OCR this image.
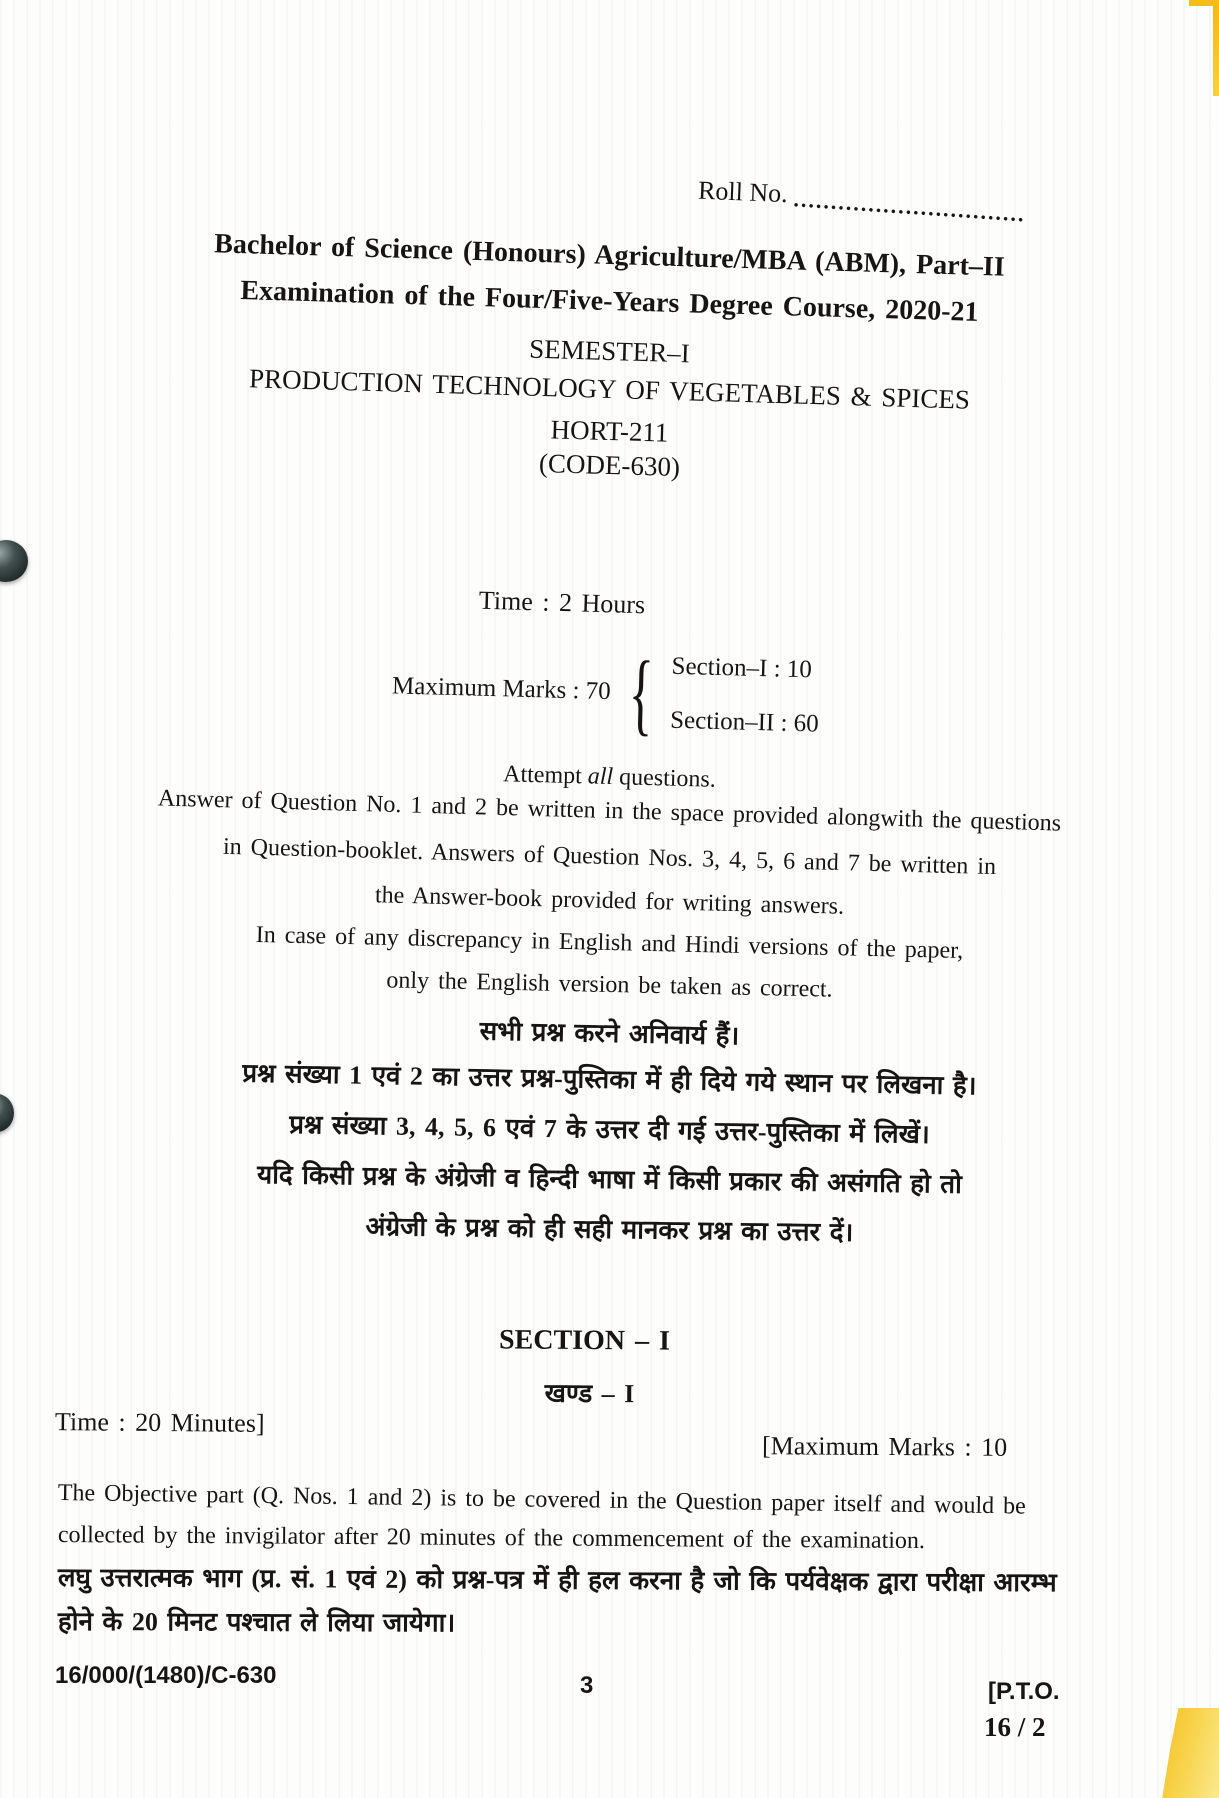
Roll No. ...............................
Bachelor of Science (Honours) Agriculture/MBA (ABM), Part–II
Examination of the Four/Five-Years Degree Course, 2020-21
SEMESTER–I
PRODUCTION TECHNOLOGY OF VEGETABLES & SPICES
HORT-211
(CODE-630)
Time : 2 Hours
Maximum Marks : 70 { Section–I : 10
Section–II : 60
Attempt all questions.
Answer of Question No. 1 and 2 be written in the space provided alongwith the questions
in Question-booklet. Answers of Question Nos. 3, 4, 5, 6 and 7 be written in
the Answer-book provided for writing answers.
In case of any discrepancy in English and Hindi versions of the paper,
only the English version be taken as correct.
सभी प्रश्न करने अनिवार्य हैं।
प्रश्न संख्या 1 एवं 2 का उत्तर प्रश्न-पुस्तिका में ही दिये गये स्थान पर लिखना है।
प्रश्न संख्या 3, 4, 5, 6 एवं 7 के उत्तर दी गई उत्तर-पुस्तिका में लिखें।
यदि किसी प्रश्न के अंग्रेजी व हिन्दी भाषा में किसी प्रकार की असंगति हो तो
अंग्रेजी के प्रश्न को ही सही मानकर प्रश्न का उत्तर दें।
SECTION – I
खण्ड – I
Time : 20 Minutes]
[Maximum Marks : 10
The Objective part (Q. Nos. 1 and 2) is to be covered in the Question paper itself and would be
collected by the invigilator after 20 minutes of the commencement of the examination.
लघु उत्तरात्मक भाग (प्र. सं. 1 एवं 2) को प्रश्न-पत्र में ही हल करना है जो कि पर्यवेक्षक द्वारा परीक्षा आरम्भ
होने के 20 मिनट पश्चात ले लिया जायेगा।
16/000/(1480)/C-630	3	[P.T.O.
16 / 2
